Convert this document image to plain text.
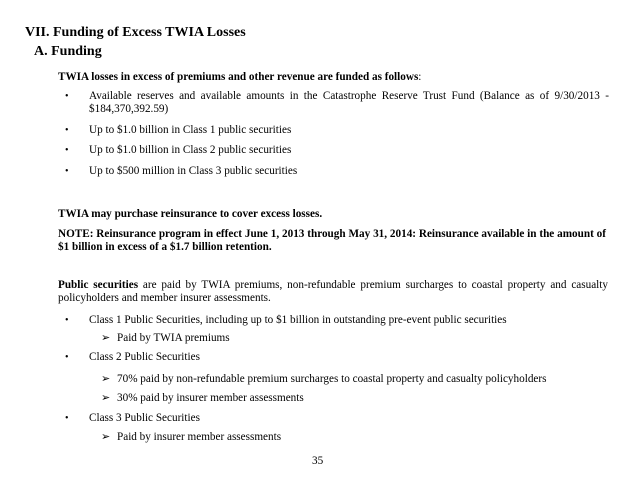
VII. Funding of Excess TWIA Losses
A. Funding
TWIA losses in excess of premiums and other revenue are funded as follows:
• Available reserves and available amounts in the Catastrophe Reserve Trust Fund (Balance as of 9/30/2013 - $184,370,392.59)
• Up to $1.0 billion in Class 1 public securities
• Up to $1.0 billion in Class 2 public securities
• Up to $500 million in Class 3 public securities
TWIA may purchase reinsurance to cover excess losses.
NOTE: Reinsurance program in effect June 1, 2013 through May 31, 2014: Reinsurance available in the amount of $1 billion in excess of a $1.7 billion retention.
Public securities are paid by TWIA premiums, non-refundable premium surcharges to coastal property and casualty policyholders and member insurer assessments.
• Class 1 Public Securities, including up to $1 billion in outstanding pre-event public securities
➢ Paid by TWIA premiums
• Class 2 Public Securities
➢ 70% paid by non-refundable premium surcharges to coastal property and casualty policyholders
➢ 30% paid by insurer member assessments
• Class 3 Public Securities
➢ Paid by insurer member assessments
35
